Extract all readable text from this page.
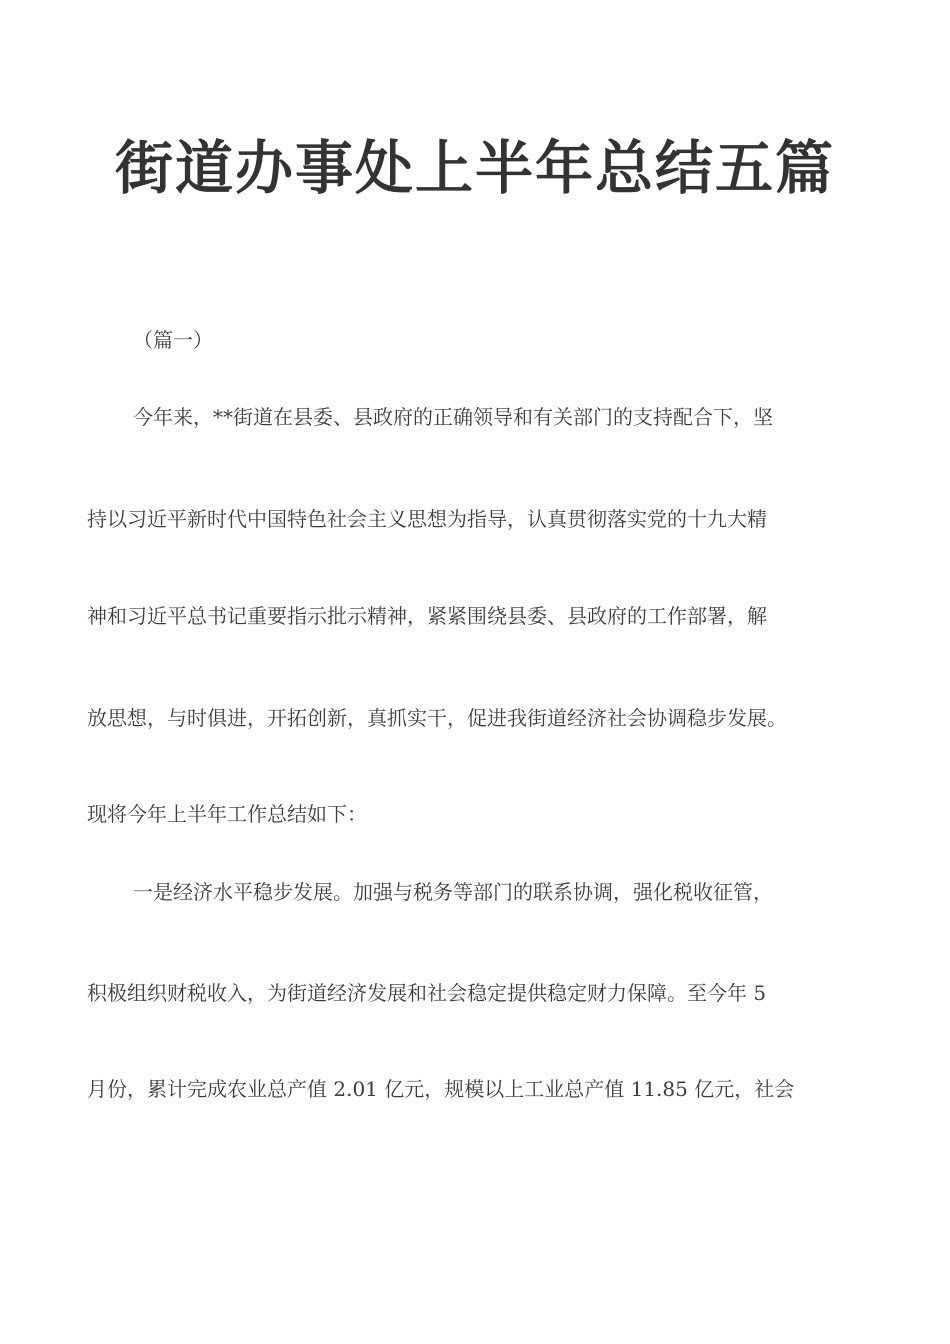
街道办事处上半年总结五篇

（篇一）

今年来，**街道在县委、县政府的正确领导和有关部门的支持配合下，坚

持以习近平新时代中国特色社会主义思想为指导，认真贯彻落实党的十九大精

神和习近平总书记重要指示批示精神，紧紧围绕县委、县政府的工作部署，解

放思想，与时俱进，开拓创新，真抓实干，促进我街道经济社会协调稳步发展。

现将今年上半年工作总结如下：

一是经济水平稳步发展。加强与税务等部门的联系协调，强化税收征管，

积极组织财税收入，为街道经济发展和社会稳定提供稳定财力保障。至今年 5

月份，累计完成农业总产值 2.01 亿元，规模以上工业总产值 11.85 亿元，社会
